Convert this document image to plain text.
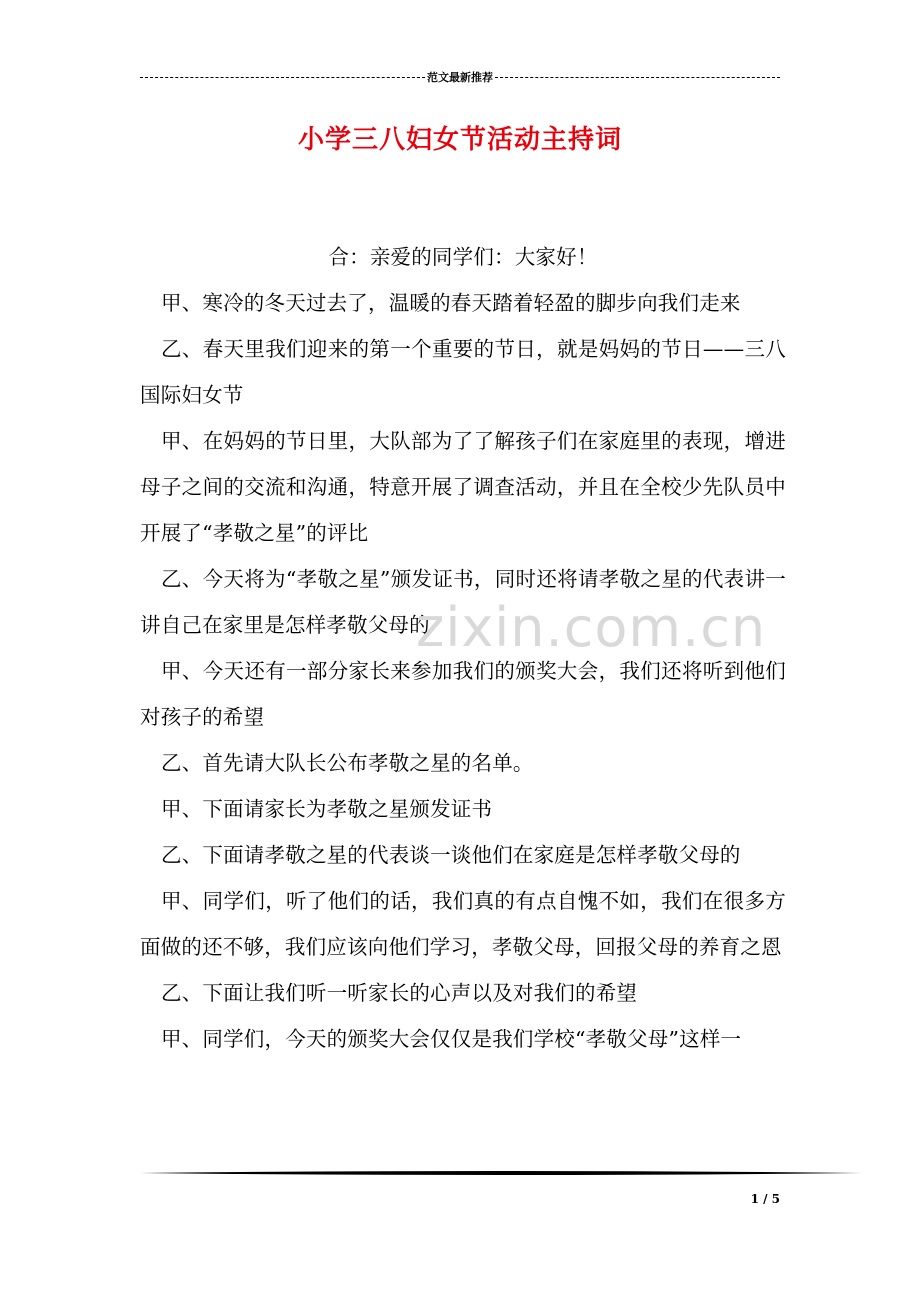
范文最新推荐
小学三八妇女节活动主持词

合：亲爱的同学们：大家好！

甲、寒冷的冬天过去了，温暖的春天踏着轻盈的脚步向我们走来

乙、春天里我们迎来的第一个重要的节日，就是妈妈的节日——三八国际妇女节

甲、在妈妈的节日里，大队部为了了解孩子们在家庭里的表现，增进母子之间的交流和沟通，特意开展了调查活动，并且在全校少先队员中开展了“孝敬之星”的评比

乙、今天将为“孝敬之星”颁发证书，同时还将请孝敬之星的代表讲一讲自己在家里是怎样孝敬父母的

甲、今天还有一部分家长来参加我们的颁奖大会，我们还将听到他们对孩子的希望

乙、首先请大队长公布孝敬之星的名单。

甲、下面请家长为孝敬之星颁发证书

乙、下面请孝敬之星的代表谈一谈他们在家庭是怎样孝敬父母的

甲、同学们，听了他们的话，我们真的有点自愧不如，我们在很多方面做的还不够，我们应该向他们学习，孝敬父母，回报父母的养育之恩

乙、下面让我们听一听家长的心声以及对我们的希望

甲、同学们，今天的颁奖大会仅仅是我们学校“孝敬父母”这样一

zixin.com.cn
1 / 5
